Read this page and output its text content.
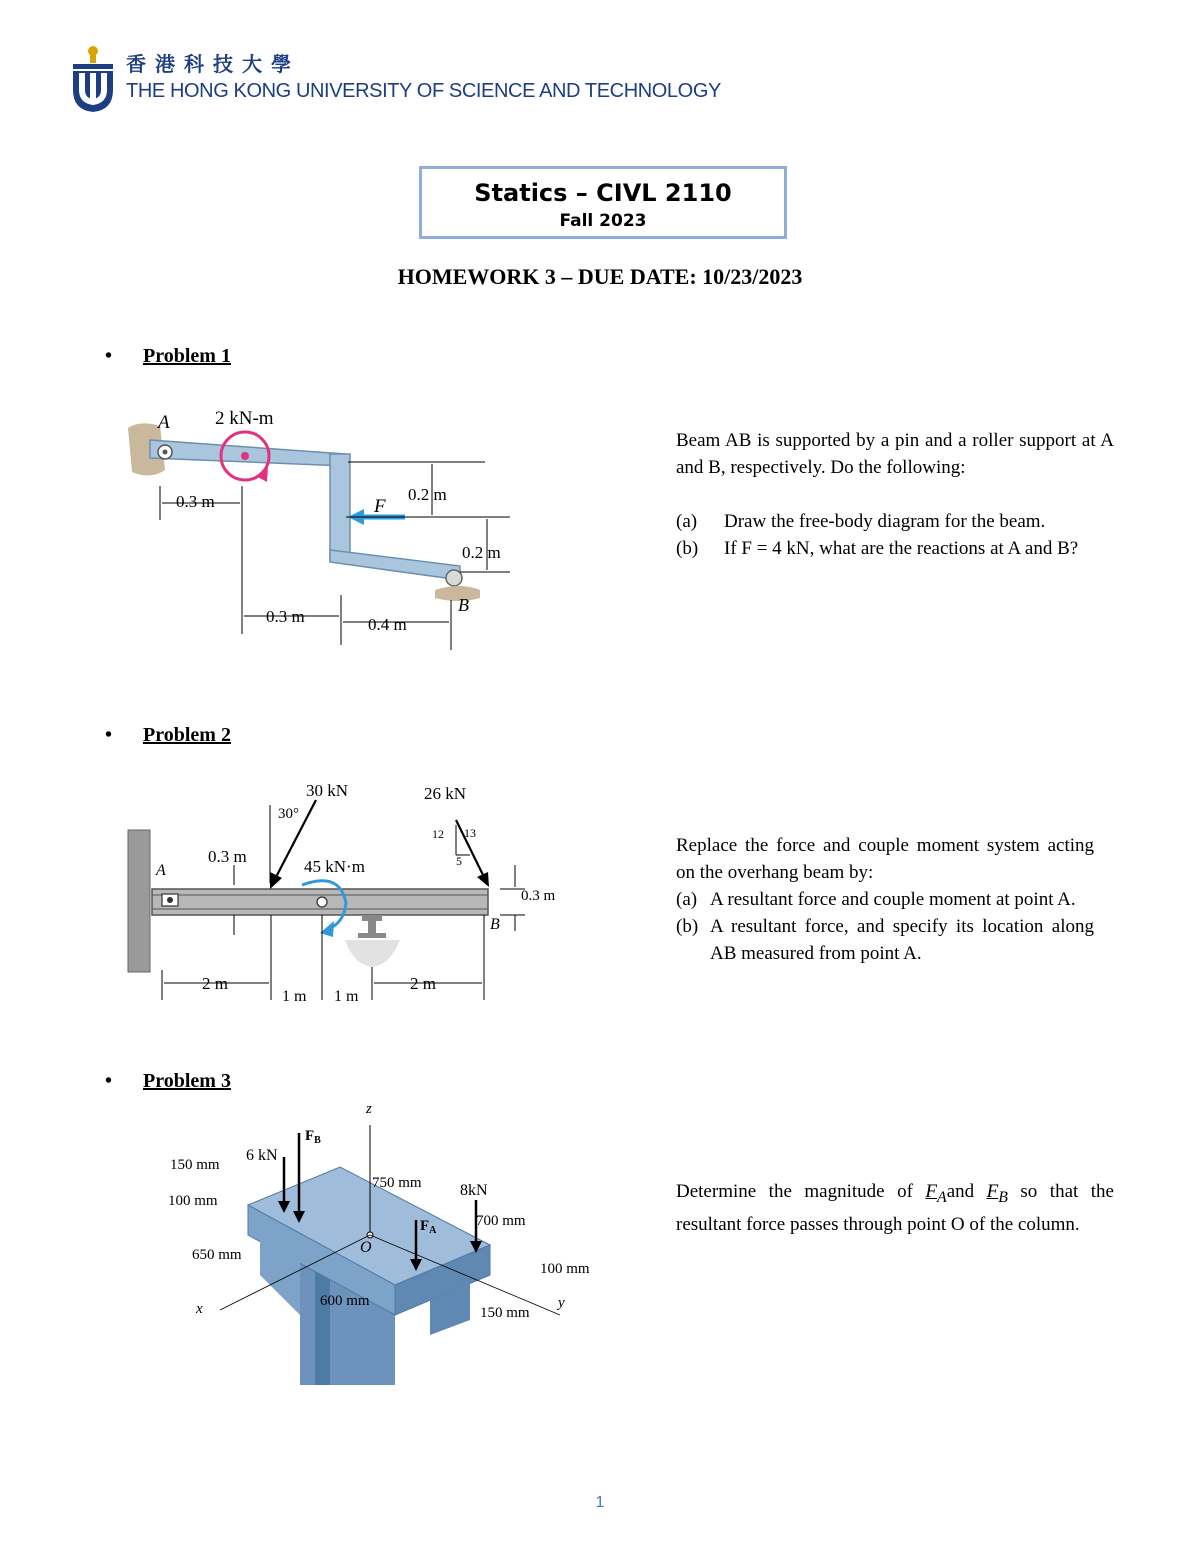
香港科技大學
THE HONG KONG UNIVERSITY OF SCIENCE AND TECHNOLOGY
Statics – CIVL 2110
Fall 2023
HOMEWORK 3 – DUE DATE: 10/23/2023
• Problem 1
A 2 kN-m
0.3 m	F
0.2 m
0.2 m
B
0.3 m	0.4 m

Beam AB is supported by a pin and a roller support at A and B, respectively. Do the following:

(a)	Draw the free-body diagram for the beam.
(b)	If F = 4 kN, what are the reactions at A and B?
• Problem 2
30 kN
30°
26 kN
12 13
5
0.3 m
45 kN·m
A
B
0.3 m
2 m
1 m 1 m
2 m

Replace the force and couple moment system acting on the overhang beam by:

(a) A resultant force and couple moment at point A.
(b) A resultant force, and specify its location along AB measured from point A.
• Problem 3
z
x	y
$F_B$
$F_A$
6 kN
8kN
150 mm
100 mm
650 mm
750 mm
700 mm
600 mm
100 mm
150 mm
O

Determine the magnitude of $F_Aand$ $F_B$ so that the resultant force passes through point O of the column.

1
